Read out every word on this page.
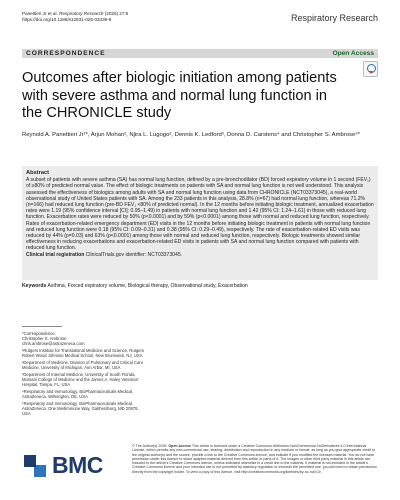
Panettieri Jr et al. Respiratory Research (2026) 27:5
https://doi.org/10.1186/s12931-025-03439-8	Respiratory Research
CORRESPONDENCE	Open Access
Outcomes after biologic initiation among patients with severe asthma and normal lung function in the CHRONICLE study
Reynold A. Panettieri Jr¹*, Arjun Mohan², Njira L. Lugogo², Dennis K. Ledford³, Donna D. Carstens⁴ and Christopher S. Ambrose⁵*
Abstract
A subset of patients with severe asthma (SA) has normal lung function, defined by a pre-bronchodilator (BD) forced expiratory volume in 1 second (FEV₁) of ≥80% of predicted normal value. The effect of biologic treatments on patients with SA and normal lung function is not well understood. This analysis assessed the effectiveness of biologics among adults with SA and normal lung function using data from CHRONICLE (NCT03373045), a real-world observational study of United States patients with SA. Among the 233 patients in this analysis, 28.8% (n=67) had normal lung function, whereas 71.2% (n=166) had reduced lung function (pre-BD FEV₁ <80% of predicted normal). In the 12 months before initiating biologic treatment, annualized exacerbation rates were 1.19 (95% confidence interval [CI]: 0.95–1.49) in patients with normal lung function and 1.42 (95% CI: 1.24–1.61) in those with reduced lung function. Exacerbation rates were reduced by 50% (p<0.0001) and by 59% (p<0.0001) among those with normal and reduced lung function, respectively. Rates of exacerbation-related emergency department (ED) visits in the 12 months before initiating biologic treatment in patients with normal lung function and reduced lung function were 0.18 (95% CI: 0.09–0.31) and 0.38 (95% CI: 0.29–0.49), respectively. The rate of exacerbation-related ED visits was reduced by 44% (p=0.03) and 63% (p<0.0001) among those with normal and reduced lung function, respectively. Biologic treatments showed similar effectiveness in reducing exacerbations and exacerbation-related ED visits in patients with SA and normal lung function compared with patients with reduced lung function.
Clinical trial registration ClinicalTrials.gov identifier: NCT03373045.
Keywords Asthma, Forced expiratory volume, Biological therapy, Observational study, Exacerbation
*Correspondence:
Christopher S. Ambrose
chris.ambrose@astrazeneca.com
¹Rutgers Institute for Translational Medicine and Science, Rutgers Robert Wood Johnson Medical School, New Brunswick, NJ, USA
²Department of Medicine, Division of Pulmonary and Critical Care Medicine, University of Michigan, Ann Arbor, MI, USA
³Department of Internal Medicine, University of South Florida, Morsani College of Medicine and the James A. Haley Veterans' Hospital, Tampa, FL, USA
⁴Respiratory and Immunology, BioPharmaceuticals Medical, AstraZeneca, Wilmington, DE, USA
⁵Respiratory and Immunology, BioPharmaceuticals Medical, AstraZeneca, One Medimmune Way, Gaithersburg, MD 20878, USA
BMC
© The Author(s) 2025. Open Access This article is licensed under a Creative Commons Attribution-NonCommercial-NoDerivatives 4.0 International License, which permits any non-commercial use, sharing, distribution and reproduction in any medium or format, as long as you give appropriate credit to the original author(s) and the source, provide a link to the Creative Commons licence, and indicate if you modified the licensed material. You do not have permission under this licence to share adapted material derived from this article or parts of it. The images or other third party material in this article are included in the article's Creative Commons licence, unless indicated otherwise in a credit line to the material. If material is not included in the article's Creative Commons licence and your intended use is not permitted by statutory regulation or exceeds the permitted use, you will need to obtain permission directly from the copyright holder. To view a copy of this licence, visit http://creativecommons.org/licenses/by-nc-nd/4.0/.
